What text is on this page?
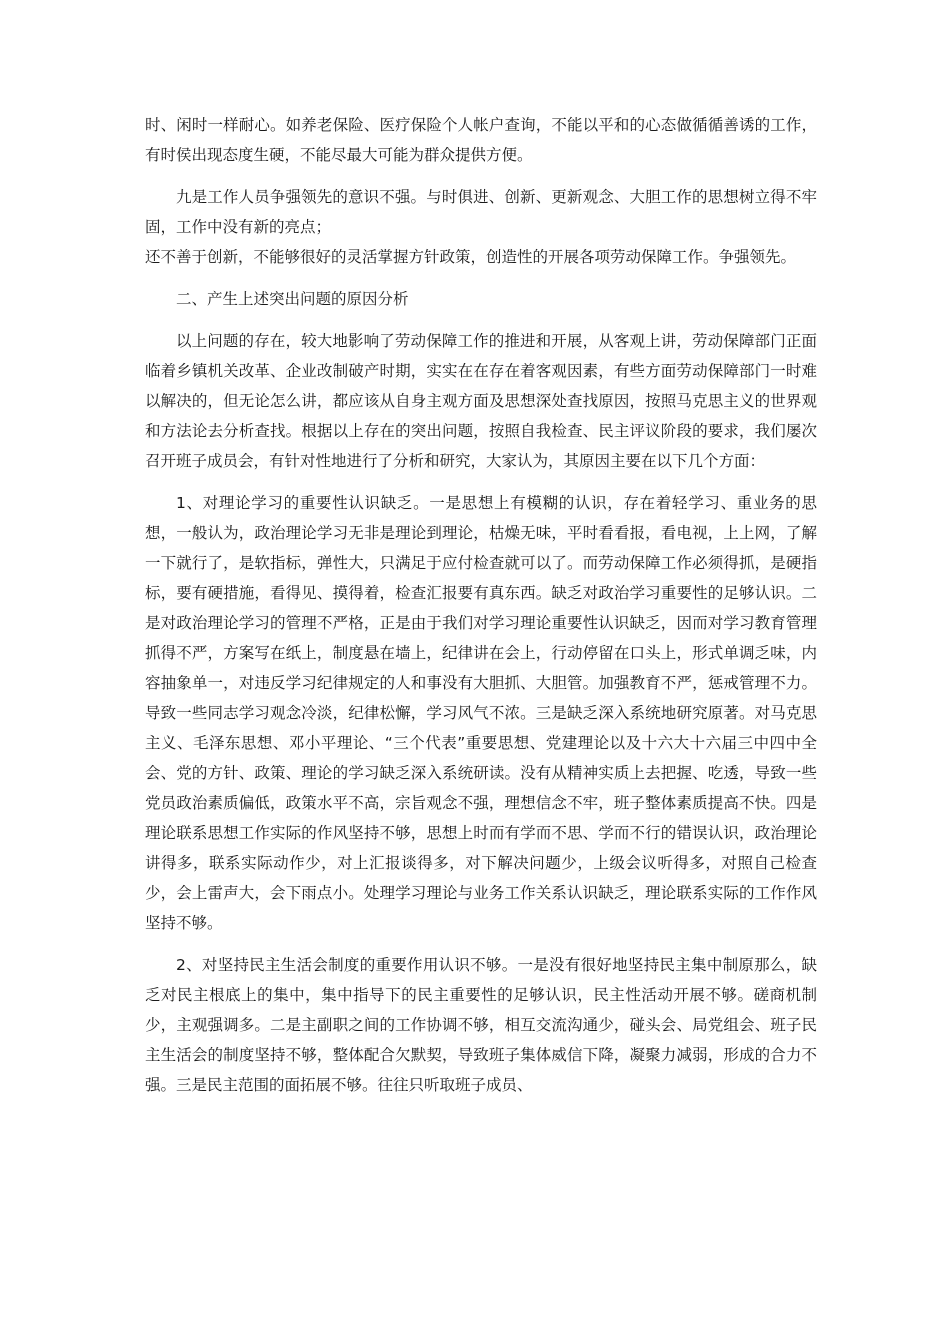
时、闲时一样耐心。如养老保险、医疗保险个人帐户查询，不能以平和的心态做循循善诱的工作，有时侯出现态度生硬，不能尽最大可能为群众提供方便。

九是工作人员争强领先的意识不强。与时俱进、创新、更新观念、大胆工作的思想树立得不牢固，工作中没有新的亮点；

还不善于创新，不能够很好的灵活掌握方针政策，创造性的开展各项劳动保障工作。争强领先。

二、产生上述突出问题的原因分析

以上问题的存在，较大地影响了劳动保障工作的推进和开展，从客观上讲，劳动保障部门正面临着乡镇机关改革、企业改制破产时期，实实在在存在着客观因素，有些方面劳动保障部门一时难以解决的，但无论怎么讲，都应该从自身主观方面及思想深处查找原因，按照马克思主义的世界观和方法论去分析查找。根据以上存在的突出问题，按照自我检查、民主评议阶段的要求，我们屡次召开班子成员会，有针对性地进行了分析和研究，大家认为，其原因主要在以下几个方面：

1、对理论学习的重要性认识缺乏。一是思想上有模糊的认识，存在着轻学习、重业务的思想，一般认为，政治理论学习无非是理论到理论，枯燥无味，平时看看报，看电视，上上网，了解一下就行了，是软指标，弹性大，只满足于应付检查就可以了。而劳动保障工作必须得抓，是硬指标，要有硬措施，看得见、摸得着，检查汇报要有真东西。缺乏对政治学习重要性的足够认识。二是对政治理论学习的管理不严格，正是由于我们对学习理论重要性认识缺乏，因而对学习教育管理抓得不严，方案写在纸上，制度悬在墙上，纪律讲在会上，行动停留在口头上，形式单调乏味，内容抽象单一，对违反学习纪律规定的人和事没有大胆抓、大胆管。加强教育不严，惩戒管理不力。导致一些同志学习观念冷淡，纪律松懈，学习风气不浓。三是缺乏深入系统地研究原著。对马克思主义、毛泽东思想、邓小平理论、“三个代表”重要思想、党建理论以及十六大十六届三中四中全会、党的方针、政策、理论的学习缺乏深入系统研读。没有从精神实质上去把握、吃透，导致一些党员政治素质偏低，政策水平不高，宗旨观念不强，理想信念不牢，班子整体素质提高不快。四是理论联系思想工作实际的作风坚持不够，思想上时而有学而不思、学而不行的错误认识，政治理论讲得多，联系实际动作少，对上汇报谈得多，对下解决问题少，上级会议听得多，对照自己检查少，会上雷声大，会下雨点小。处理学习理论与业务工作关系认识缺乏，理论联系实际的工作作风坚持不够。

2、对坚持民主生活会制度的重要作用认识不够。一是没有很好地坚持民主集中制原那么，缺乏对民主根底上的集中，集中指导下的民主重要性的足够认识，民主性活动开展不够。磋商机制少，主观强调多。二是主副职之间的工作协调不够，相互交流沟通少，碰头会、局党组会、班子民主生活会的制度坚持不够，整体配合欠默契，导致班子集体威信下降，凝聚力减弱，形成的合力不强。三是民主范围的面拓展不够。往往只听取班子成员、
